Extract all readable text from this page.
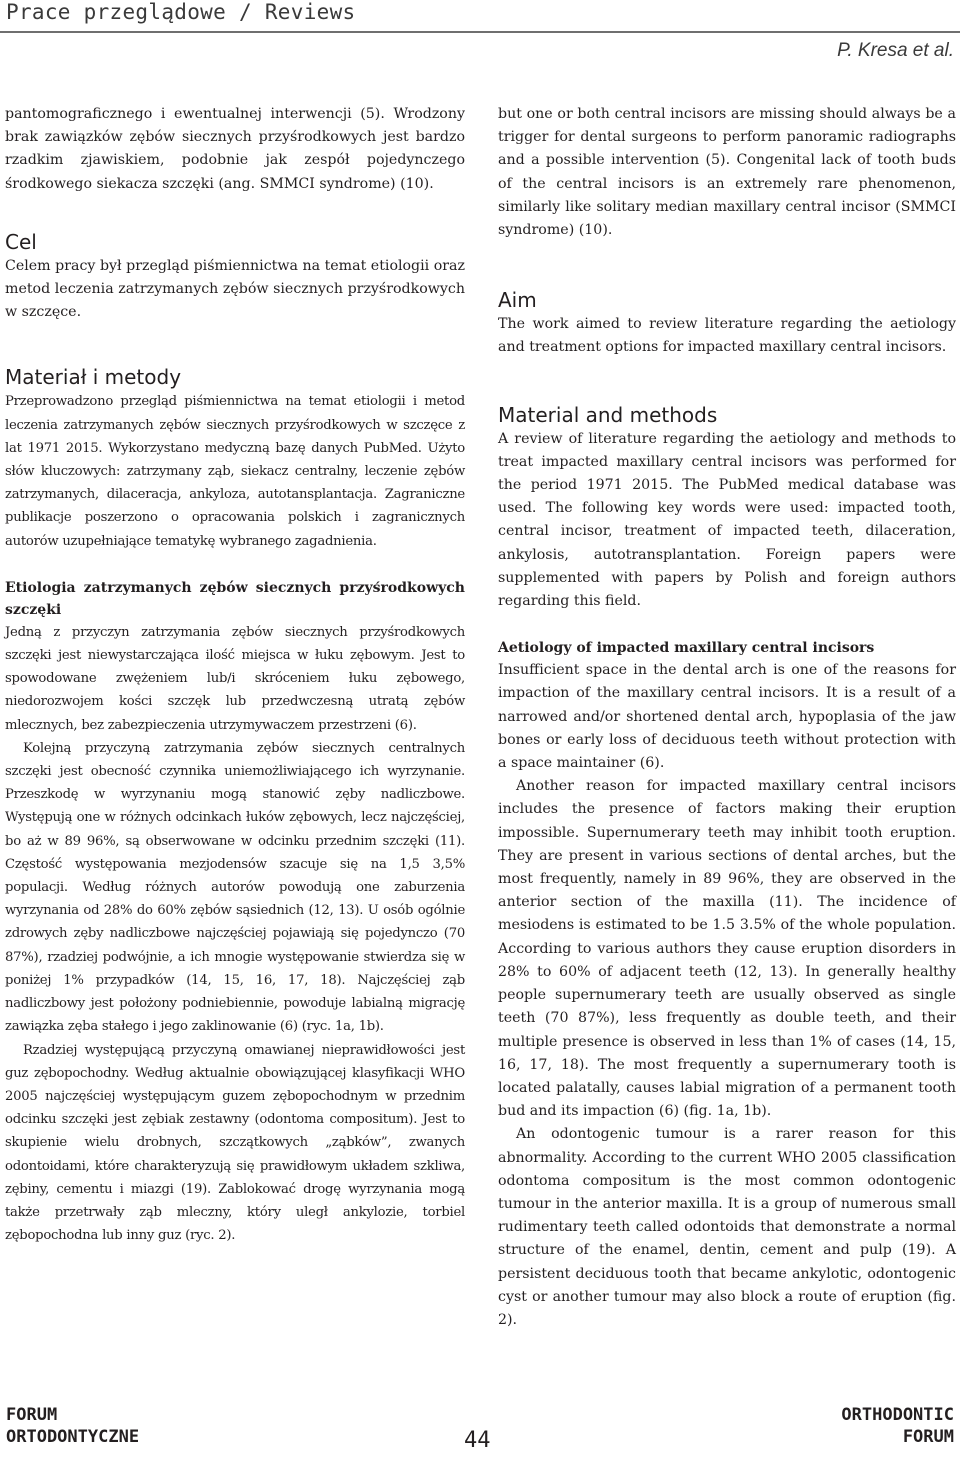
Prace przeglądowe / Reviews
P. Kresa et al.

pantomograficznego i ewentualnej interwencji (5). Wrodzony brak zawiązków zębów siecznych przyśrodkowych jest bardzo rzadkim zjawiskiem, podobnie jak zespół pojedynczego środkowego siekacza szczęki (ang. SMMCI syndrome) (10).

Cel

Celem pracy był przegląd piśmiennictwa na temat etiologii oraz metod leczenia zatrzymanych zębów siecznych przyśrodkowych w szczęce.

Materiał i metody

Przeprowadzono przegląd piśmiennictwa na temat etiologii i metod leczenia zatrzymanych zębów siecznych przyśrodkowych w szczęce z lat 1971 2015. Wykorzystano medyczną bazę danych PubMed. Użyto słów kluczowych: zatrzymany ząb, siekacz centralny, leczenie zębów zatrzymanych, dilaceracja, ankyloza, autotansplantacja. Zagraniczne publikacje poszerzono o opracowania polskich i zagranicznych autorów uzupełniające tematykę wybranego zagadnienia.

Etiologia zatrzymanych zębów siecznych przyśrodkowych szczęki

Jedną z przyczyn zatrzymania zębów siecznych przyśrodkowych szczęki jest niewystarczająca ilość miejsca w łuku zębowym. Jest to spowodowane zwężeniem lub/i skróceniem łuku zębowego, niedorozwojem kości szczęk lub przedwczesną utratą zębów mlecznych, bez zabezpieczenia utrzymywaczem przestrzeni (6).

Kolejną przyczyną zatrzymania zębów siecznych centralnych szczęki jest obecność czynnika uniemożliwiającego ich wyrzynanie. Przeszkodę w wyrzynaniu mogą stanowić zęby nadliczbowe. Występują one w różnych odcinkach łuków zębowych, lecz najczęściej, bo aż w 89 96%, są obserwowane w odcinku przednim szczęki (11). Częstość występowania mezjodensów szacuje się na 1,5 3,5% populacji. Według różnych autorów powodują one zaburzenia wyrzynania od 28% do 60% zębów sąsiednich (12, 13). U osób ogólnie zdrowych zęby nadliczbowe najczęściej pojawiają się pojedynczo (70 87%), rzadziej podwójnie, a ich mnogie występowanie stwierdza się w poniżej 1% przypadków (14, 15, 16, 17, 18). Najczęściej ząb nadliczbowy jest położony podniebiennie, powoduje labialną migrację zawiązka zęba stałego i jego zaklinowanie (6) (ryc. 1a, 1b).

Rzadziej występującą przyczyną omawianej nieprawidłowości jest guz zębopochodny. Według aktualnie obowiązującej klasyfikacji WHO 2005 najczęściej występującym guzem zębopochodnym w przednim odcinku szczęki jest zębiak zestawny (odontoma compositum). Jest to skupienie wielu drobnych, szczątkowych „ząbków”, zwanych odontoidami, które charakteryzują się prawidłowym układem szkliwa, zębiny, cementu i miazgi (19). Zablokować drogę wyrzynania mogą także przetrwały ząb mleczny, który uległ ankylozie, torbiel zębopochodna lub inny guz (ryc. 2).

but one or both central incisors are missing should always be a trigger for dental surgeons to perform panoramic radiographs and a possible intervention (5). Congenital lack of tooth buds of the central incisors is an extremely rare phenomenon, similarly like solitary median maxillary central incisor (SMMCI syndrome) (10).

Aim

The work aimed to review literature regarding the aetiology and treatment options for impacted maxillary central incisors.

Material and methods

A review of literature regarding the aetiology and methods to treat impacted maxillary central incisors was performed for the period 1971 2015. The PubMed medical database was used. The following key words were used: impacted tooth, central incisor, treatment of impacted teeth, dilaceration, ankylosis, autotransplantation. Foreign papers were supplemented with papers by Polish and foreign authors regarding this field.

Aetiology of impacted maxillary central incisors

Insufficient space in the dental arch is one of the reasons for impaction of the maxillary central incisors. It is a result of a narrowed and/or shortened dental arch, hypoplasia of the jaw bones or early loss of deciduous teeth without protection with a space maintainer (6).

Another reason for impacted maxillary central incisors includes the presence of factors making their eruption impossible. Supernumerary teeth may inhibit tooth eruption. They are present in various sections of dental arches, but the most frequently, namely in 89 96%, they are observed in the anterior section of the maxilla (11). The incidence of mesiodens is estimated to be 1.5 3.5% of the whole population. According to various authors they cause eruption disorders in 28% to 60% of adjacent teeth (12, 13). In generally healthy people supernumerary teeth are usually observed as single teeth (70 87%), less frequently as double teeth, and their multiple presence is observed in less than 1% of cases (14, 15, 16, 17, 18). The most frequently a supernumerary tooth is located palatally, causes labial migration of a permanent tooth bud and its impaction (6) (fig. 1a, 1b).

An odontogenic tumour is a rarer reason for this abnormality. According to the current WHO 2005 classification odontoma compositum is the most common odontogenic tumour in the anterior maxilla. It is a group of numerous small rudimentary teeth called odontoids that demonstrate a normal structure of the enamel, dentin, cement and pulp (19). A persistent deciduous tooth that became ankylotic, odontogenic cyst or another tumour may also block a route of eruption (fig. 2).

FORUM
ORTODONTYCZNE	44
ORTHODONTIC
FORUM
